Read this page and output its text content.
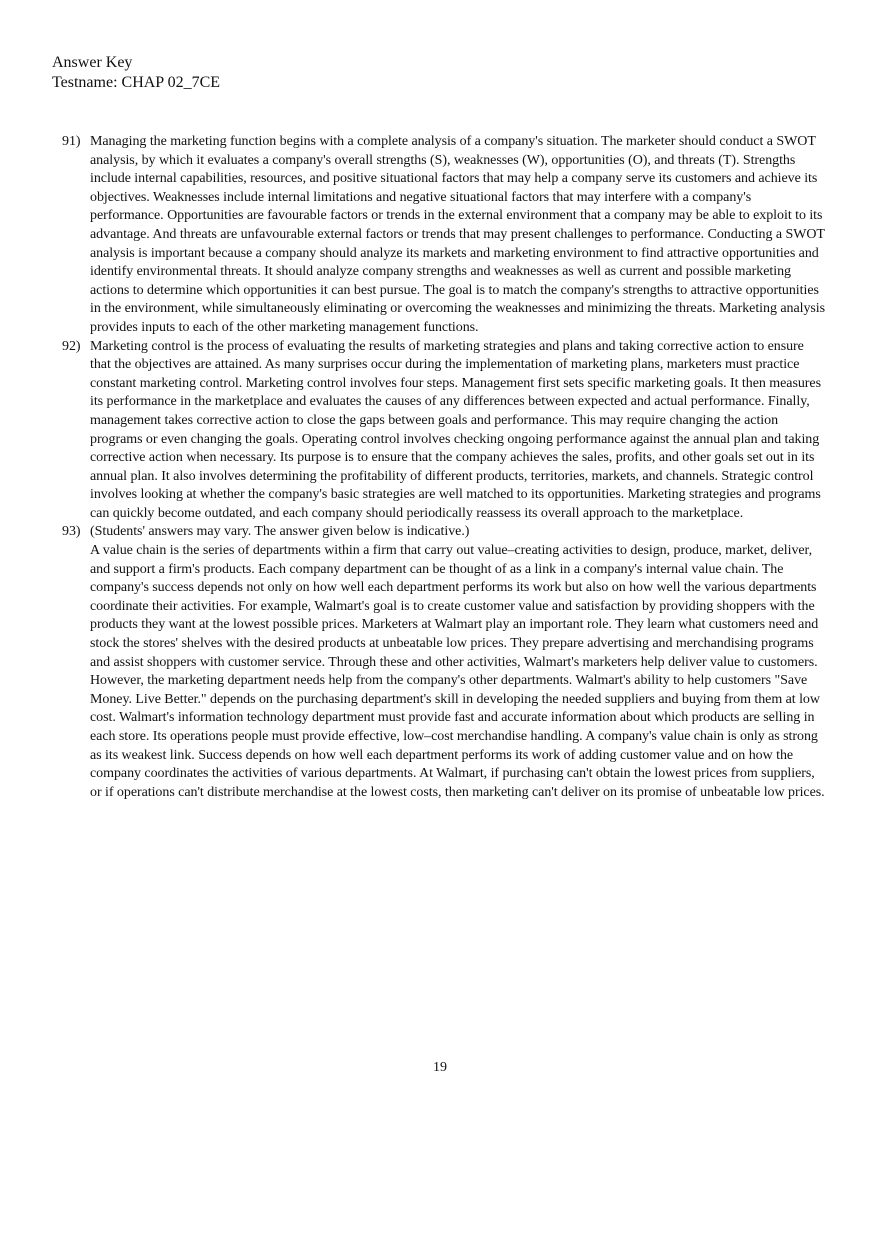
Answer Key
Testname: CHAP 02_7CE
91) Managing the marketing function begins with a complete analysis of a company's situation. The marketer should conduct a SWOT analysis, by which it evaluates a company's overall strengths (S), weaknesses (W), opportunities (O), and threats (T). Strengths include internal capabilities, resources, and positive situational factors that may help a company serve its customers and achieve its objectives. Weaknesses include internal limitations and negative situational factors that may interfere with a company's performance. Opportunities are favourable factors or trends in the external environment that a company may be able to exploit to its advantage. And threats are unfavourable external factors or trends that may present challenges to performance. Conducting a SWOT analysis is important because a company should analyze its markets and marketing environment to find attractive opportunities and identify environmental threats. It should analyze company strengths and weaknesses as well as current and possible marketing actions to determine which opportunities it can best pursue. The goal is to match the company's strengths to attractive opportunities in the environment, while simultaneously eliminating or overcoming the weaknesses and minimizing the threats. Marketing analysis provides inputs to each of the other marketing management functions.

92) Marketing control is the process of evaluating the results of marketing strategies and plans and taking corrective action to ensure that the objectives are attained. As many surprises occur during the implementation of marketing plans, marketers must practice constant marketing control. Marketing control involves four steps. Management first sets specific marketing goals. It then measures its performance in the marketplace and evaluates the causes of any differences between expected and actual performance. Finally, management takes corrective action to close the gaps between goals and performance. This may require changing the action programs or even changing the goals. Operating control involves checking ongoing performance against the annual plan and taking corrective action when necessary. Its purpose is to ensure that the company achieves the sales, profits, and other goals set out in its annual plan. It also involves determining the profitability of different products, territories, markets, and channels. Strategic control involves looking at whether the company's basic strategies are well matched to its opportunities. Marketing strategies and programs can quickly become outdated, and each company should periodically reassess its overall approach to the marketplace.

93) (Students' answers may vary. The answer given below is indicative.)

A value chain is the series of departments within a firm that carry out value–creating activities to design, produce, market, deliver, and support a firm's products. Each company department can be thought of as a link in a company's internal value chain. The company's success depends not only on how well each department performs its work but also on how well the various departments coordinate their activities. For example, Walmart's goal is to create customer value and satisfaction by providing shoppers with the products they want at the lowest possible prices. Marketers at Walmart play an important role. They learn what customers need and stock the stores' shelves with the desired products at unbeatable low prices. They prepare advertising and merchandising programs and assist shoppers with customer service. Through these and other activities, Walmart's marketers help deliver value to customers. However, the marketing department needs help from the company's other departments. Walmart's ability to help customers "Save Money. Live Better." depends on the purchasing department's skill in developing the needed suppliers and buying from them at low cost. Walmart's information technology department must provide fast and accurate information about which products are selling in each store. Its operations people must provide effective, low–cost merchandise handling. A company's value chain is only as strong as its weakest link. Success depends on how well each department performs its work of adding customer value and on how the company coordinates the activities of various departments. At Walmart, if purchasing can't obtain the lowest prices from suppliers, or if operations can't distribute merchandise at the lowest costs, then marketing can't deliver on its promise of unbeatable low prices.

19
